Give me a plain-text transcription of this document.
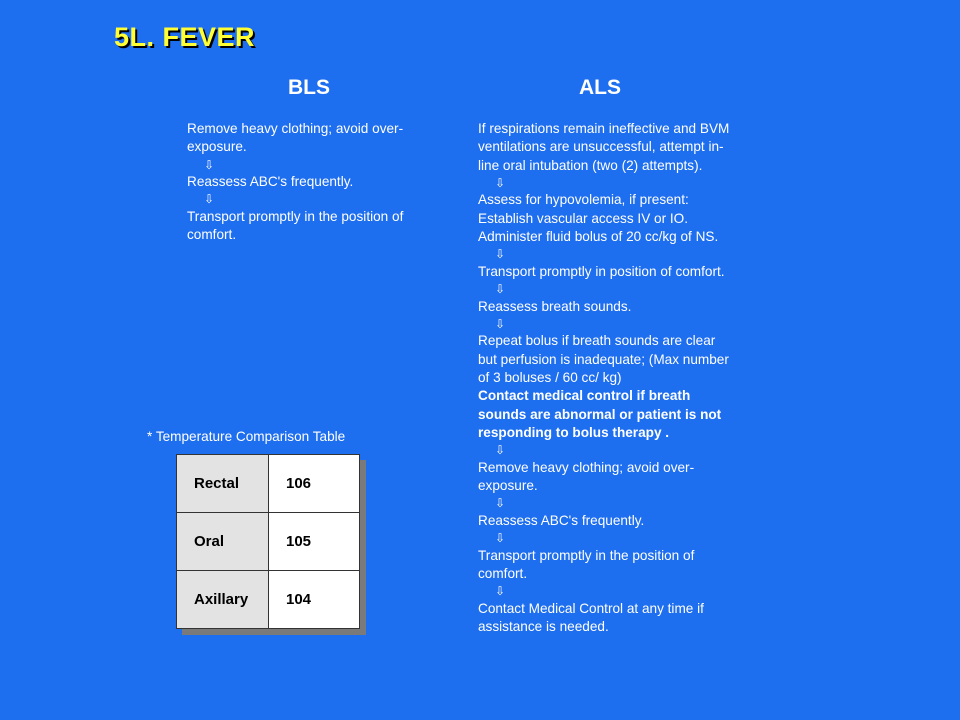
5L. FEVER
BLS	ALS
Remove heavy clothing; avoid over-exposure.
⇩
Reassess ABC's frequently.
⇩
Transport promptly in the position of comfort.
If respirations remain ineffective and BVM ventilations are unsuccessful, attempt in-line oral intubation (two (2) attempts).
⇩
Assess for hypovolemia, if present: Establish vascular access IV or IO. Administer fluid bolus of 20 cc/kg of NS.
⇩
Transport promptly in position of comfort.
⇩
Reassess breath sounds.
⇩
Repeat bolus if breath sounds are clear but perfusion is inadequate; (Max number of 3 boluses / 60 cc/ kg)
Contact medical control if breath sounds are abnormal or patient is not responding to bolus therapy .
⇩
Remove heavy clothing; avoid over-exposure.
⇩
Reassess ABC's frequently.
⇩
Transport promptly in the position of comfort.
⇩
Contact Medical Control at any time if assistance is needed.

* Temperature Comparison Table

Rectal	106
Oral	105
Axillary	104
